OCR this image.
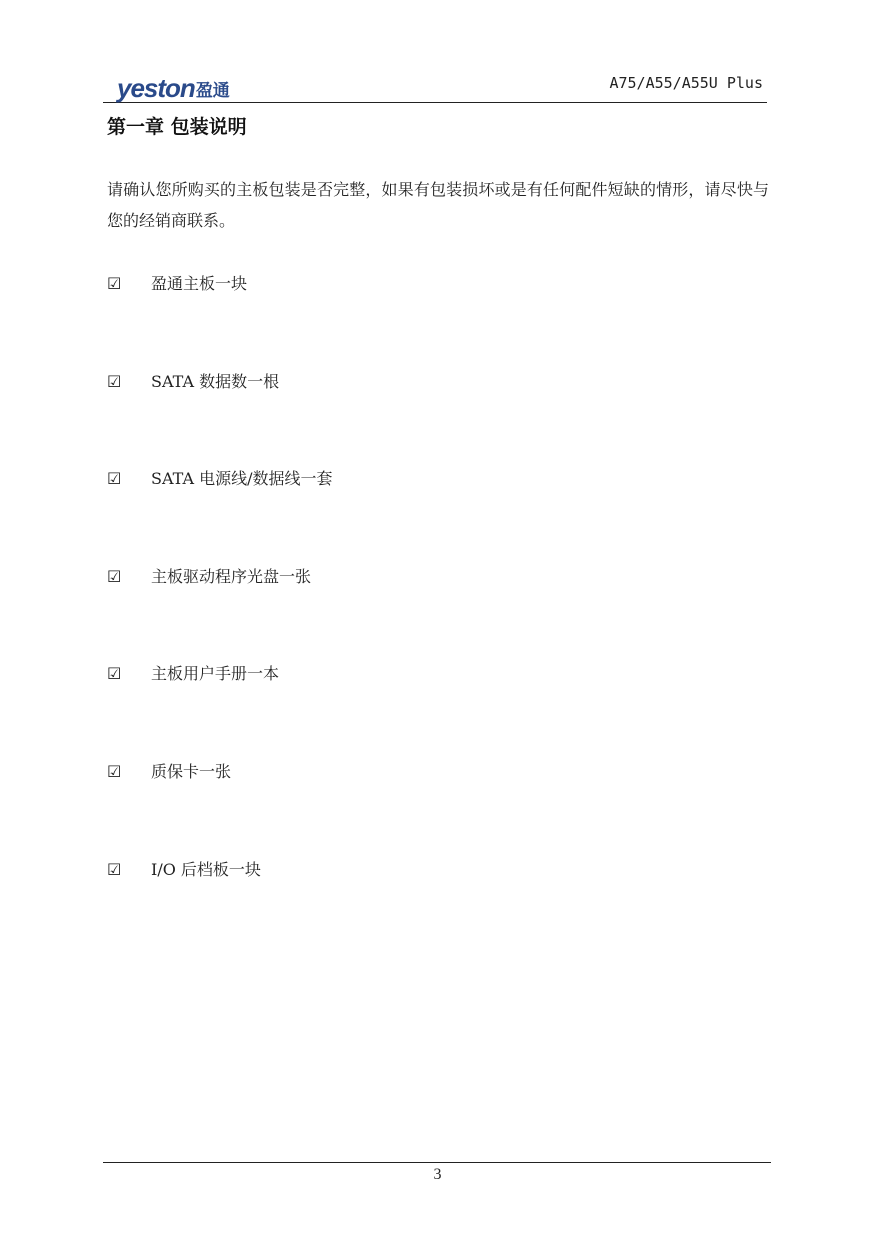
yeston 盈通	A75/A55/A55U Plus
第一章 包装说明

请确认您所购买的主板包装是否完整，如果有包装损坏或是有任何配件短缺的情形，请尽快与您的经销商联系。

☑	盈通主板一块
☑	SATA 数据数一根
☑	SATA 电源线/数据线一套
☑	主板驱动程序光盘一张
☑	主板用户手册一本
☑	质保卡一张
☑	I/O 后档板一块
3
